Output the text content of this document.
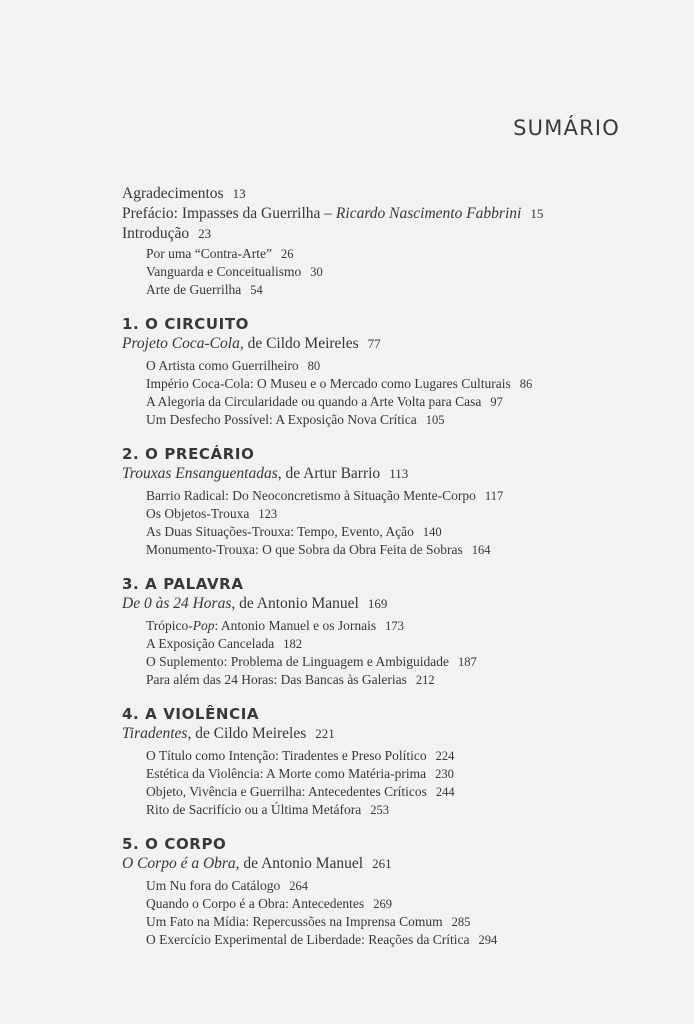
SUMÁRIO
Agradecimentos 13
Prefácio: Impasses da Guerrilha – Ricardo Nascimento Fabbrini 15
Introdução 23
Por uma “Contra-Arte” 26
Vanguarda e Conceitualismo 30
Arte de Guerrilha 54
1. O CIRCUITO
Projeto Coca-Cola, de Cildo Meireles 77
O Artista como Guerrilheiro 80
Império Coca-Cola: O Museu e o Mercado como Lugares Culturais 86
A Alegoria da Circularidade ou quando a Arte Volta para Casa 97
Um Desfecho Possível: A Exposição Nova Crítica 105
2. O PRECÁRIO
Trouxas Ensanguentadas, de Artur Barrio 113
Barrio Radical: Do Neoconcretismo à Situação Mente-Corpo 117
Os Objetos-Trouxa 123
As Duas Situações-Trouxa: Tempo, Evento, Ação 140
Monumento-Trouxa: O que Sobra da Obra Feita de Sobras 164
3. A PALAVRA
De 0 às 24 Horas, de Antonio Manuel 169
Trópico-Pop: Antonio Manuel e os Jornais 173
A Exposição Cancelada 182
O Suplemento: Problema de Linguagem e Ambiguidade 187
Para além das 24 Horas: Das Bancas às Galerias 212
4. A VIOLÊNCIA
Tiradentes, de Cildo Meireles 221
O Título como Intenção: Tiradentes e Preso Político 224
Estética da Violência: A Morte como Matéria-prima 230
Objeto, Vivência e Guerrilha: Antecedentes Críticos 244
Rito de Sacrifício ou a Última Metáfora 253
5. O CORPO
O Corpo é a Obra, de Antonio Manuel 261
Um Nu fora do Catálogo 264
Quando o Corpo é a Obra: Antecedentes 269
Um Fato na Mídia: Repercussões na Imprensa Comum 285
O Exercício Experimental de Liberdade: Reações da Crítica 294
